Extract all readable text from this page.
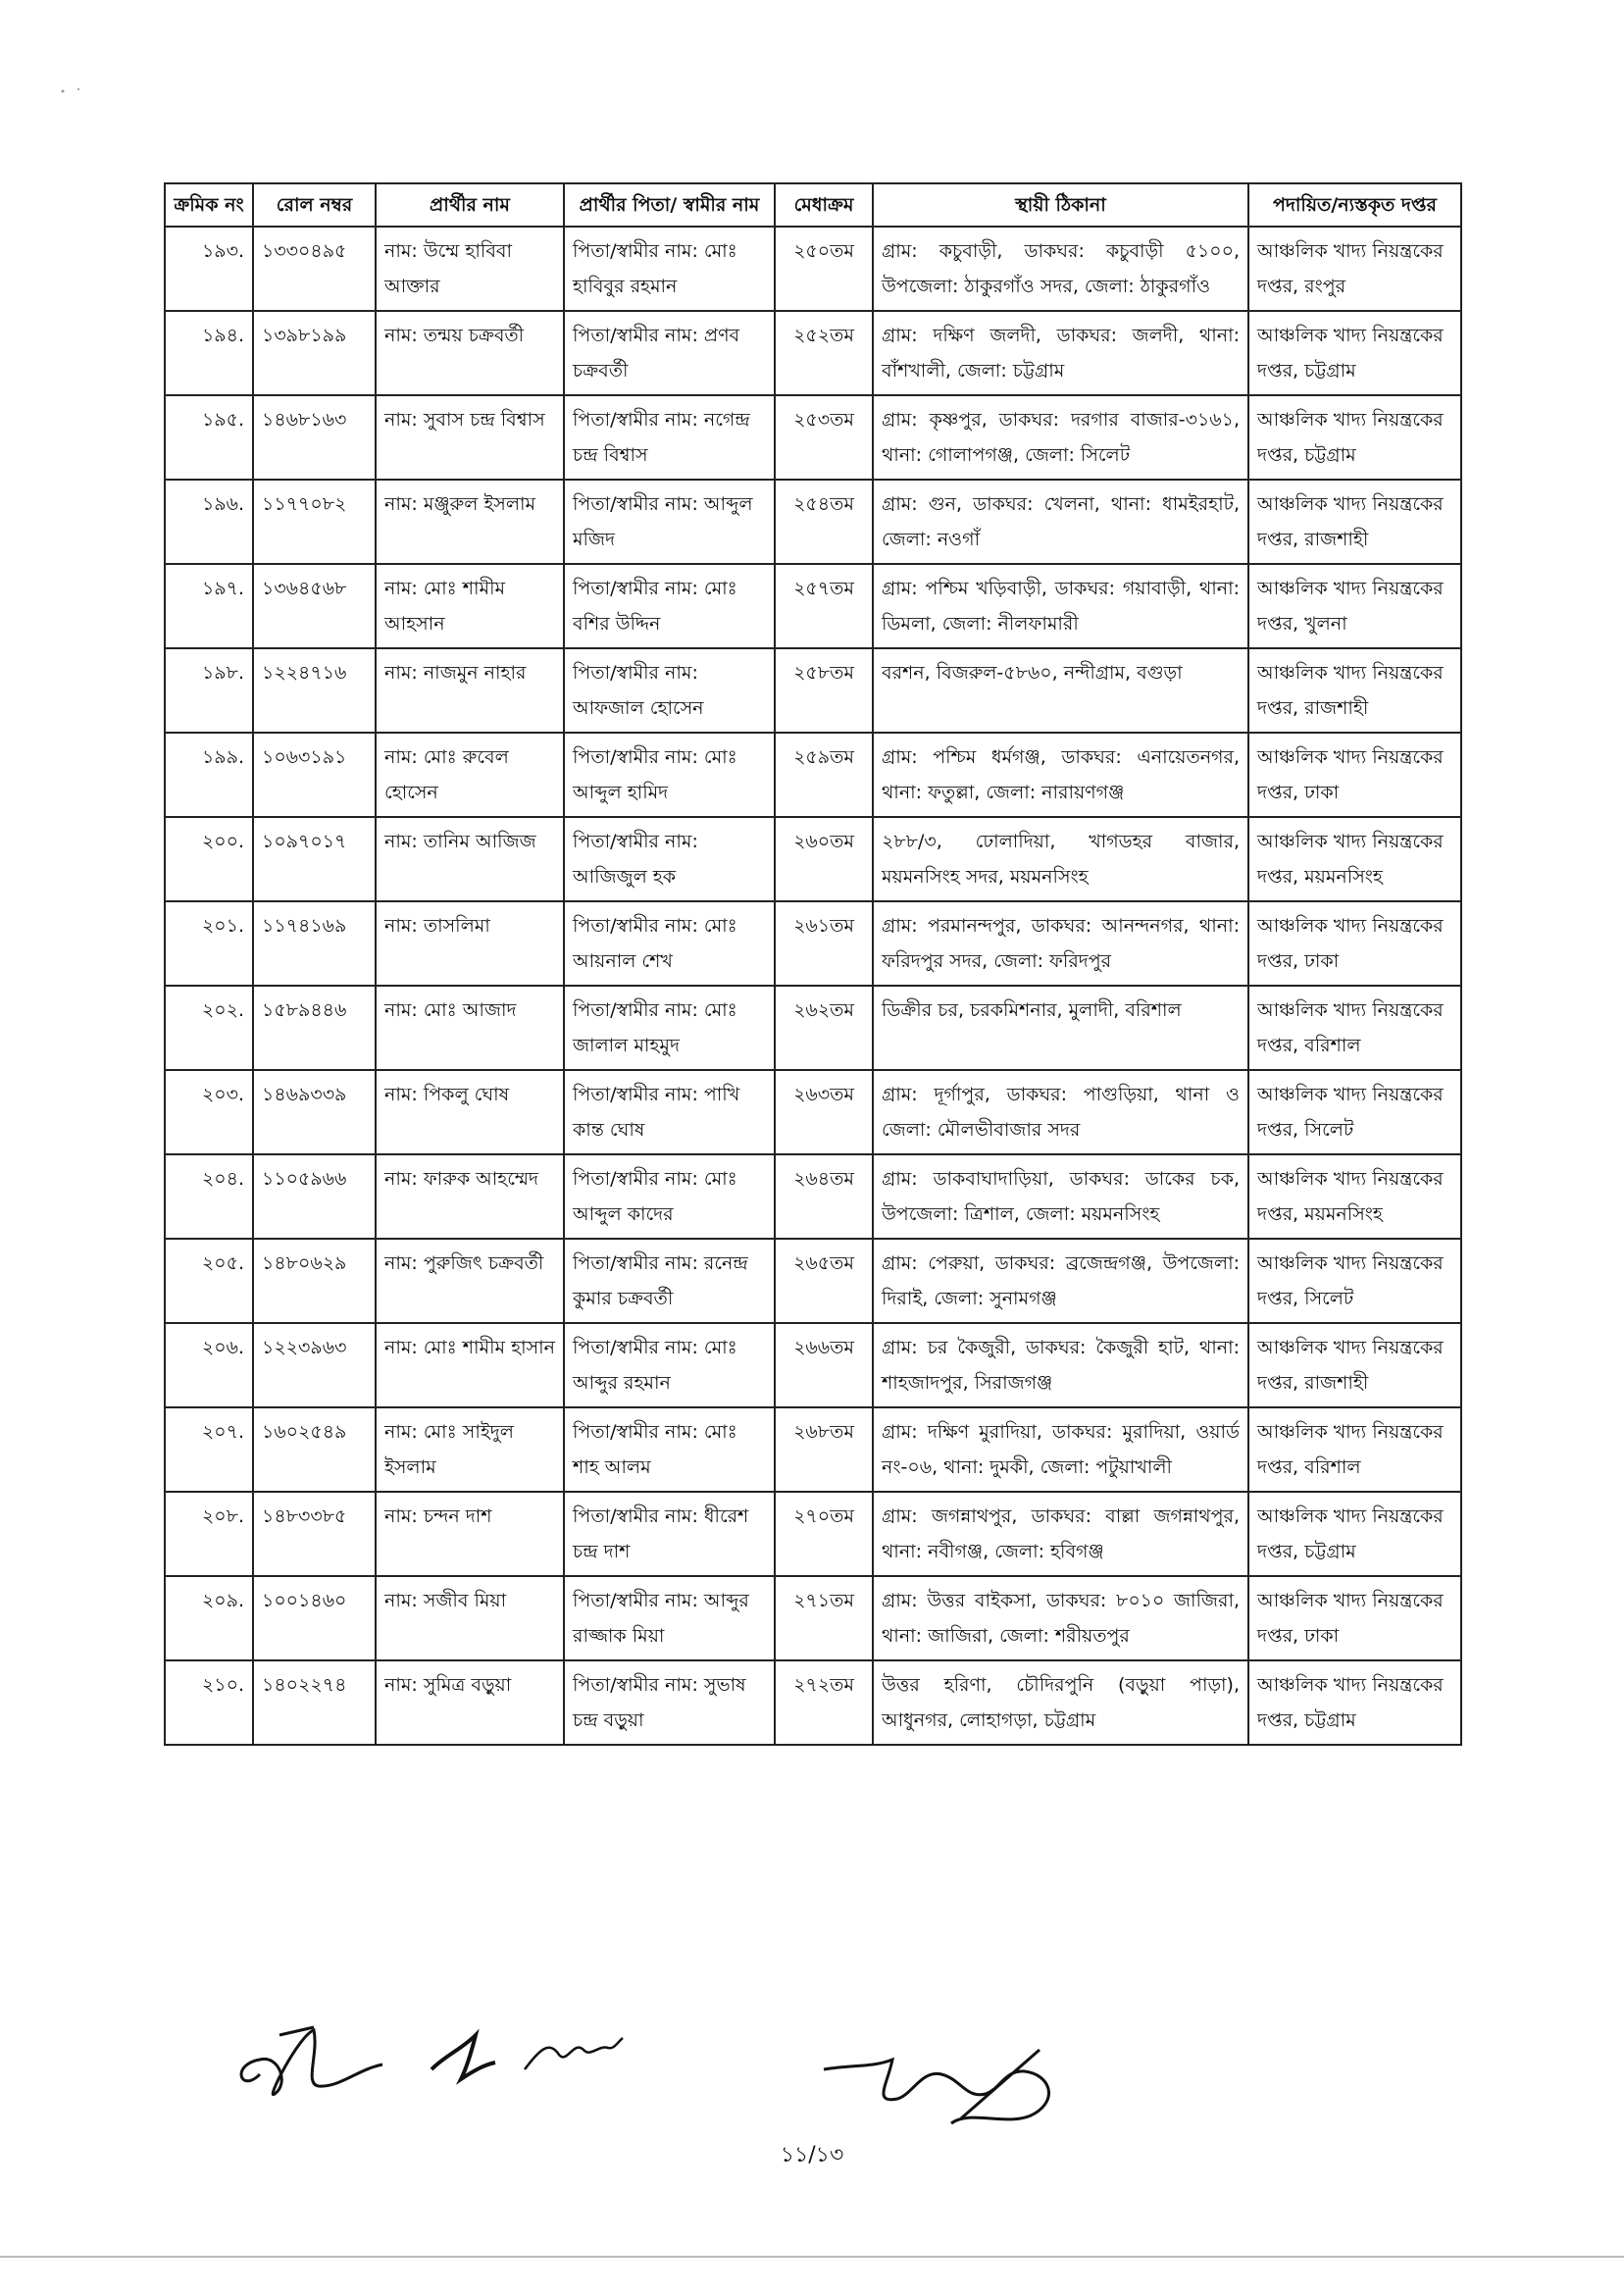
ক্রমিক নং	রোল নম্বর	প্রার্থীর নাম	প্রার্থীর পিতা/ স্বামীর নাম	মেধাক্রম	স্থায়ী ঠিকানা	পদায়িত/ন্যস্তকৃত দপ্তর
১৯৩.	১৩৩০৪৯৫	নাম: উম্মে হাবিবা আক্তার	পিতা/স্বামীর নাম: মোঃ হাবিবুর রহমান	২৫০তম	গ্রাম: কচুবাড়ী, ডাকঘর: কচুবাড়ী ৫১০০, উপজেলা: ঠাকুরগাঁও সদর, জেলা: ঠাকুরগাঁও	আঞ্চলিক খাদ্য নিয়ন্ত্রকের দপ্তর, রংপুর
১৯৪.	১৩৯৮১৯৯	নাম: তন্ময় চক্রবর্তী	পিতা/স্বামীর নাম: প্রণব চক্রবর্তী	২৫২তম	গ্রাম: দক্ষিণ জলদী, ডাকঘর: জলদী, থানা: বাঁশখালী, জেলা: চট্টগ্রাম	আঞ্চলিক খাদ্য নিয়ন্ত্রকের দপ্তর, চট্টগ্রাম
১৯৫.	১৪৬৮১৬৩	নাম: সুবাস চন্দ্র বিশ্বাস	পিতা/স্বামীর নাম: নগেন্দ্র চন্দ্র বিশ্বাস	২৫৩তম	গ্রাম: কৃষ্ণপুর, ডাকঘর: দরগার বাজার-৩১৬১, থানা: গোলাপগঞ্জ, জেলা: সিলেট	আঞ্চলিক খাদ্য নিয়ন্ত্রকের দপ্তর, চট্টগ্রাম
১৯৬.	১১৭৭০৮২	নাম: মঞ্জুরুল ইসলাম	পিতা/স্বামীর নাম: আব্দুল মজিদ	২৫৪তম	গ্রাম: গুন, ডাকঘর: খেলনা, থানা: ধামইরহাট, জেলা: নওগাঁ	আঞ্চলিক খাদ্য নিয়ন্ত্রকের দপ্তর, রাজশাহী
১৯৭.	১৩৬৪৫৬৮	নাম: মোঃ শামীম আহসান	পিতা/স্বামীর নাম: মোঃ বশির উদ্দিন	২৫৭তম	গ্রাম: পশ্চিম খড়িবাড়ী, ডাকঘর: গয়াবাড়ী, থানা: ডিমলা, জেলা: নীলফামারী	আঞ্চলিক খাদ্য নিয়ন্ত্রকের দপ্তর, খুলনা
১৯৮.	১২২৪৭১৬	নাম: নাজমুন নাহার	পিতা/স্বামীর নাম: আফজাল হোসেন	২৫৮তম	বরশন, বিজরুল-৫৮৬০, নন্দীগ্রাম, বগুড়া	আঞ্চলিক খাদ্য নিয়ন্ত্রকের দপ্তর, রাজশাহী
১৯৯.	১০৬৩১৯১	নাম: মোঃ রুবেল হোসেন	পিতা/স্বামীর নাম: মোঃ আব্দুল হামিদ	২৫৯তম	গ্রাম: পশ্চিম ধর্মগঞ্জ, ডাকঘর: এনায়েতনগর, থানা: ফতুল্লা, জেলা: নারায়ণগঞ্জ	আঞ্চলিক খাদ্য নিয়ন্ত্রকের দপ্তর, ঢাকা
২০০.	১০৯৭০১৭	নাম: তানিম আজিজ	পিতা/স্বামীর নাম: আজিজুল হক	২৬০তম	২৮৮/৩, ঢোলাদিয়া, খাগডহর বাজার, ময়মনসিংহ সদর, ময়মনসিংহ	আঞ্চলিক খাদ্য নিয়ন্ত্রকের দপ্তর, ময়মনসিংহ
২০১.	১১৭৪১৬৯	নাম: তাসলিমা	পিতা/স্বামীর নাম: মোঃ আয়নাল শেখ	২৬১তম	গ্রাম: পরমানন্দপুর, ডাকঘর: আনন্দনগর, থানা: ফরিদপুর সদর, জেলা: ফরিদপুর	আঞ্চলিক খাদ্য নিয়ন্ত্রকের দপ্তর, ঢাকা
২০২.	১৫৮৯৪৪৬	নাম: মোঃ আজাদ	পিতা/স্বামীর নাম: মোঃ জালাল মাহমুদ	২৬২তম	ডিক্রীর চর, চরকমিশনার, মুলাদী, বরিশাল	আঞ্চলিক খাদ্য নিয়ন্ত্রকের দপ্তর, বরিশাল
২০৩.	১৪৬৯৩৩৯	নাম: পিকলু ঘোষ	পিতা/স্বামীর নাম: পাখি কান্ত ঘোষ	২৬৩তম	গ্রাম: দূর্গাপুর, ডাকঘর: পাগুড়িয়া, থানা ও জেলা: মৌলভীবাজার সদর	আঞ্চলিক খাদ্য নিয়ন্ত্রকের দপ্তর, সিলেট
২০৪.	১১০৫৯৬৬	নাম: ফারুক আহম্মেদ	পিতা/স্বামীর নাম: মোঃ আব্দুল কাদের	২৬৪তম	গ্রাম: ডাকবাঘাদাড়িয়া, ডাকঘর: ডাকের চক, উপজেলা: ত্রিশাল, জেলা: ময়মনসিংহ	আঞ্চলিক খাদ্য নিয়ন্ত্রকের দপ্তর, ময়মনসিংহ
২০৫.	১৪৮০৬২৯	নাম: পুরুজিৎ চক্রবর্তী	পিতা/স্বামীর নাম: রনেন্দ্র কুমার চক্রবর্তী	২৬৫তম	গ্রাম: পেরুয়া, ডাকঘর: ব্রজেন্দ্রগঞ্জ, উপজেলা: দিরাই, জেলা: সুনামগঞ্জ	আঞ্চলিক খাদ্য নিয়ন্ত্রকের দপ্তর, সিলেট
২০৬.	১২২৩৯৬৩	নাম: মোঃ শামীম হাসান	পিতা/স্বামীর নাম: মোঃ আব্দুর রহমান	২৬৬তম	গ্রাম: চর কৈজুরী, ডাকঘর: কৈজুরী হাট, থানা: শাহজাদপুর, সিরাজগঞ্জ	আঞ্চলিক খাদ্য নিয়ন্ত্রকের দপ্তর, রাজশাহী
২০৭.	১৬০২৫৪৯	নাম: মোঃ সাইদুল ইসলাম	পিতা/স্বামীর নাম: মোঃ শাহ আলম	২৬৮তম	গ্রাম: দক্ষিণ মুরাদিয়া, ডাকঘর: মুরাদিয়া, ওয়ার্ড নং-০৬, থানা: দুমকী, জেলা: পটুয়াখালী	আঞ্চলিক খাদ্য নিয়ন্ত্রকের দপ্তর, বরিশাল
২০৮.	১৪৮৩৩৮৫	নাম: চন্দন দাশ	পিতা/স্বামীর নাম: ধীরেশ চন্দ্র দাশ	২৭০তম	গ্রাম: জগন্নাথপুর, ডাকঘর: বাল্লা জগন্নাথপুর, থানা: নবীগঞ্জ, জেলা: হবিগঞ্জ	আঞ্চলিক খাদ্য নিয়ন্ত্রকের দপ্তর, চট্টগ্রাম
২০৯.	১০০১৪৬০	নাম: সজীব মিয়া	পিতা/স্বামীর নাম: আব্দুর রাজ্জাক মিয়া	২৭১তম	গ্রাম: উত্তর বাইকসা, ডাকঘর: ৮০১০ জাজিরা, থানা: জাজিরা, জেলা: শরীয়তপুর	আঞ্চলিক খাদ্য নিয়ন্ত্রকের দপ্তর, ঢাকা
২১০.	১৪০২২৭৪	নাম: সুমিত্র বড়ুয়া	পিতা/স্বামীর নাম: সুভাষ চন্দ্র বড়ুয়া	২৭২তম	উত্তর হরিণা, চৌদিরপুনি (বড়ুয়া পাড়া), আধুনগর, লোহাগড়া, চট্টগ্রাম	আঞ্চলিক খাদ্য নিয়ন্ত্রকের দপ্তর, চট্টগ্রাম
১১/১৩
